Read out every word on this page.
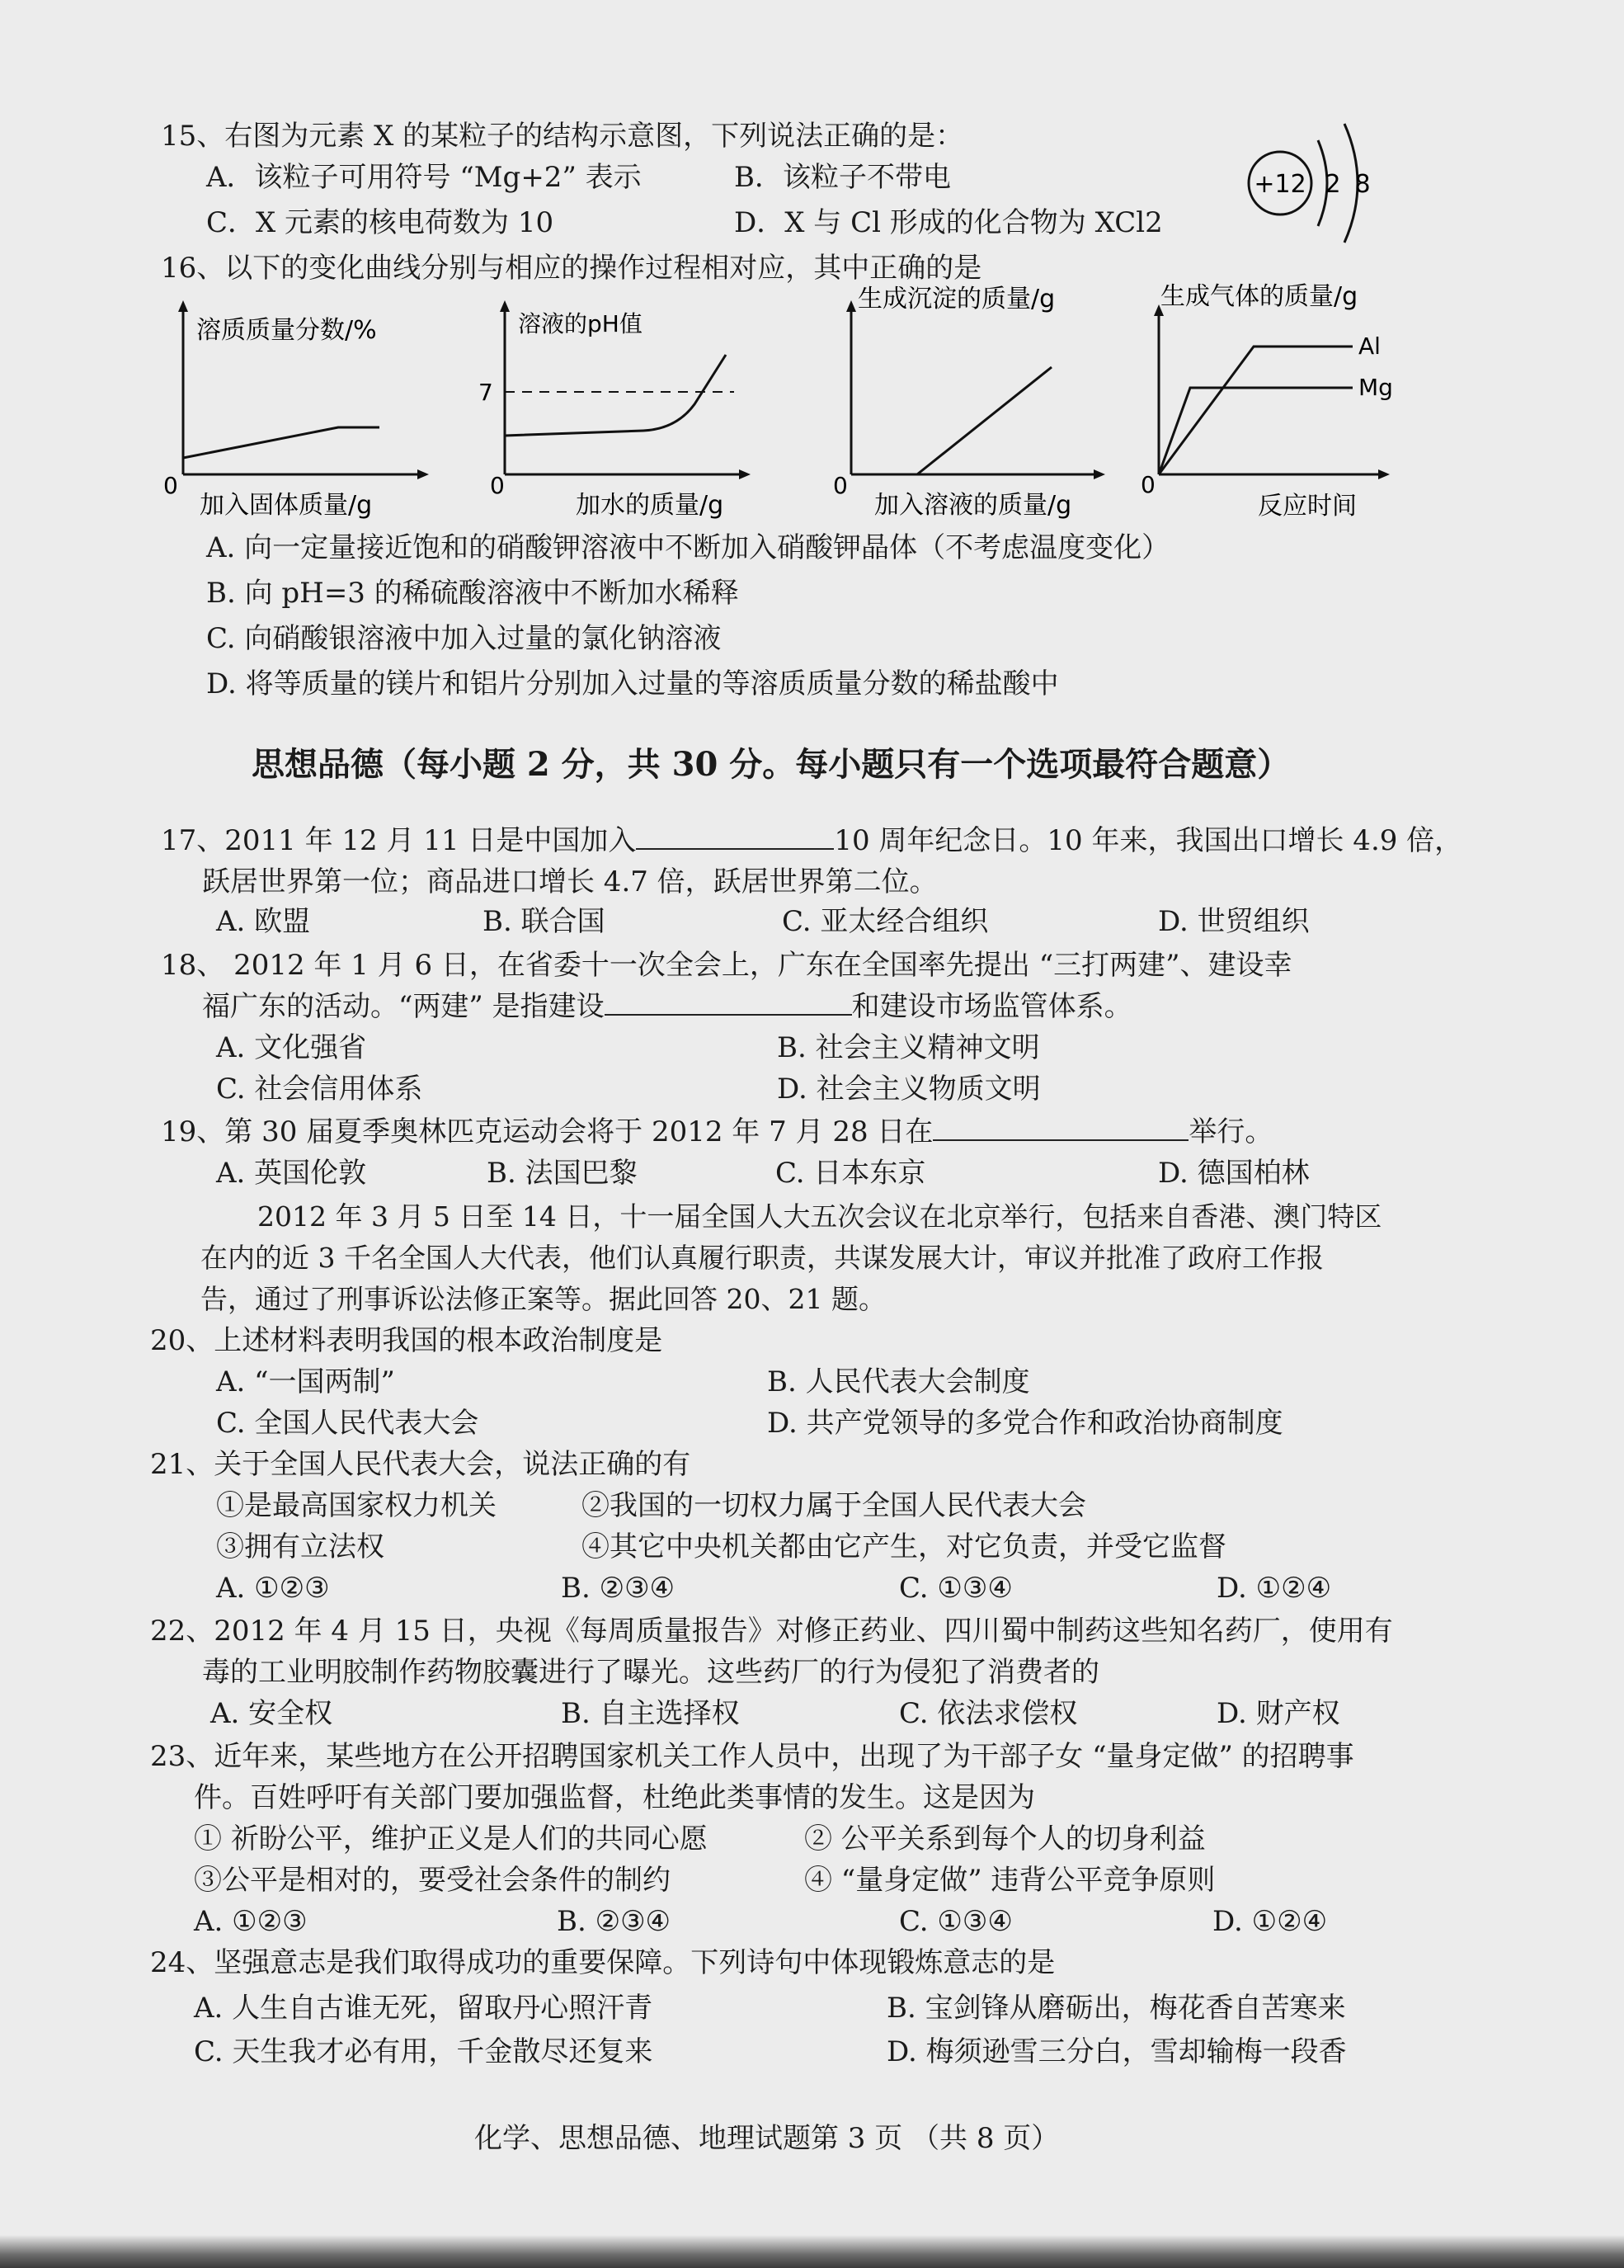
15、右图为元素 X 的某粒子的结构示意图，下列说法正确的是：
A．该粒子可用符号 “Mg+2” 表示	B．该粒子不带电
C．X 元素的核电荷数为 10	D．X 与 Cl 形成的化合物为 XCl2
+12 2 8
16、以下的变化曲线分别与相应的操作过程相对应，其中正确的是
溶质质量分数/%
0
加入固体质量/g
溶液的pH值
7
0
加水的质量/g
生成沉淀的质量/g
0
加入溶液的质量/g
Al
Mg
生成气体的质量/g
0
反应时间
A. 向一定量接近饱和的硝酸钾溶液中不断加入硝酸钾晶体（不考虑温度变化）
B. 向 pH=3 的稀硫酸溶液中不断加水稀释
C. 向硝酸银溶液中加入过量的氯化钠溶液
D. 将等质量的镁片和铝片分别加入过量的等溶质质量分数的稀盐酸中
思想品德（每小题 2 分，共 30 分。每小题只有一个选项最符合题意）
17、2011 年 12 月 11 日是中国加入	10 周年纪念日。10 年来，我国出口增长 4.9 倍，
跃居世界第一位；商品进口增长 4.7 倍，跃居世界第二位。
A. 欧盟	B. 联合国	C. 亚太经合组织	D. 世贸组织
18、 2012 年 1 月 6 日，在省委十一次全会上，广东在全国率先提出 “三打两建”、建设幸
福广东的活动。“两建” 是指建设	和建设市场监管体系。
A. 文化强省	B. 社会主义精神文明
C. 社会信用体系	D. 社会主义物质文明
19、第 30 届夏季奥林匹克运动会将于 2012 年 7 月 28 日在	举行。
A. 英国伦敦	B. 法国巴黎	C. 日本东京	D. 德国柏林
2012 年 3 月 5 日至 14 日，十一届全国人大五次会议在北京举行，包括来自香港、澳门特区
在内的近 3 千名全国人大代表，他们认真履行职责，共谋发展大计，审议并批准了政府工作报
告，通过了刑事诉讼法修正案等。据此回答 20、21 题。
20、上述材料表明我国的根本政治制度是
A. “一国两制”	B. 人民代表大会制度
C. 全国人民代表大会	D. 共产党领导的多党合作和政治协商制度
21、关于全国人民代表大会，说法正确的有
①是最高国家权力机关	②我国的一切权力属于全国人民代表大会
③拥有立法权	④其它中央机关都由它产生，对它负责，并受它监督
A. ①②③	B. ②③④	C. ①③④	D. ①②④
22、2012 年 4 月 15 日，央视《每周质量报告》对修正药业、四川蜀中制药这些知名药厂，使用有
毒的工业明胶制作药物胶囊进行了曝光。这些药厂的行为侵犯了消费者的
A. 安全权	B. 自主选择权	C. 依法求偿权	D. 财产权
23、近年来，某些地方在公开招聘国家机关工作人员中，出现了为干部子女 “量身定做” 的招聘事
件。百姓呼吁有关部门要加强监督，杜绝此类事情的发生。这是因为
① 祈盼公平，维护正义是人们的共同心愿	② 公平关系到每个人的切身利益
③公平是相对的，要受社会条件的制约	④ “量身定做” 违背公平竞争原则
A. ①②③	B. ②③④	C. ①③④	D. ①②④
24、坚强意志是我们取得成功的重要保障。下列诗句中体现锻炼意志的是
A. 人生自古谁无死，留取丹心照汗青	B. 宝剑锋从磨砺出，梅花香自苦寒来
C. 天生我才必有用，千金散尽还复来	D. 梅须逊雪三分白，雪却输梅一段香
化学、思想品德、地理试题第 3 页 （共 8 页）
